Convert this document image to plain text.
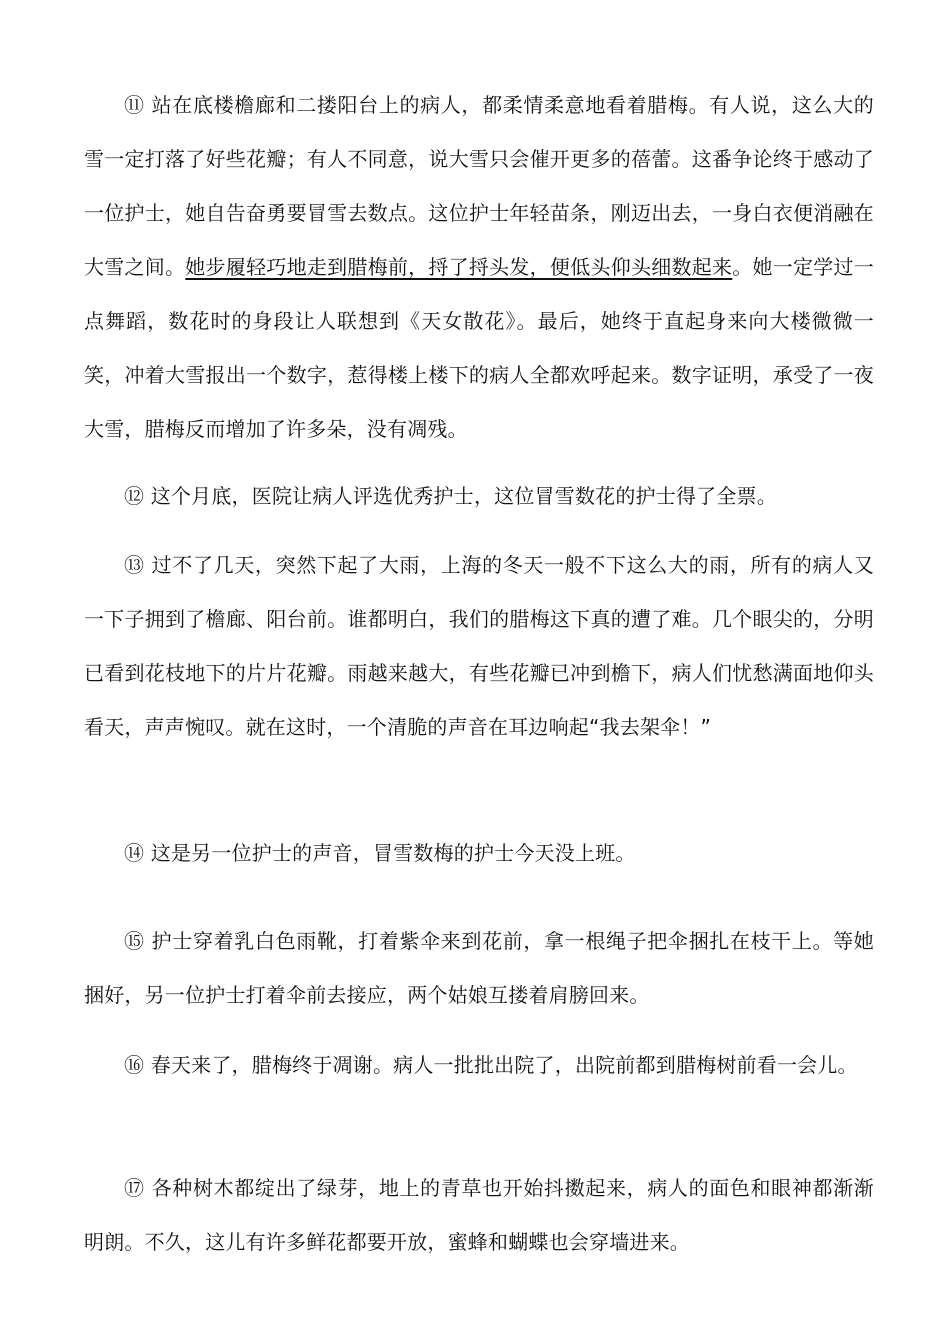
⑪ 站在底楼檐廊和二搂阳台上的病人，都柔情柔意地看着腊梅。有人说，这么大的雪一定打落了好些花瓣；有人不同意，说大雪只会催开更多的蓓蕾。这番争论终于感动了一位护士，她自告奋勇要冒雪去数点。这位护士年轻苗条，刚迈出去，一身白衣便消融在大雪之间。她步履轻巧地走到腊梅前，捋了捋头发，便低头仰头细数起来。她一定学过一点舞蹈，数花时的身段让人联想到《天女散花》。最后，她终于直起身来向大楼微微一笑，冲着大雪报出一个数字，惹得楼上楼下的病人全都欢呼起来。数字证明，承受了一夜大雪，腊梅反而增加了许多朵，没有凋残。

⑫ 这个月底，医院让病人评选优秀护士，这位冒雪数花的护士得了全票。

⑬ 过不了几天，突然下起了大雨，上海的冬天一般不下这么大的雨，所有的病人又一下子拥到了檐廊、阳台前。谁都明白，我们的腊梅这下真的遭了难。几个眼尖的，分明已看到花枝地下的片片花瓣。雨越来越大，有些花瓣已冲到檐下，病人们忧愁满面地仰头看天，声声惋叹。就在这时，一个清脆的声音在耳边响起“我去架伞！”

⑭ 这是另一位护士的声音，冒雪数梅的护士今天没上班。

⑮ 护士穿着乳白色雨靴，打着紫伞来到花前，拿一根绳子把伞捆扎在枝干上。等她捆好，另一位护士打着伞前去接应，两个姑娘互搂着肩膀回来。

⑯ 春天来了，腊梅终于凋谢。病人一批批出院了，出院前都到腊梅树前看一会儿。

⑰ 各种树木都绽出了绿芽，地上的青草也开始抖擞起来，病人的面色和眼神都渐渐明朗。不久，这儿有许多鲜花都要开放，蜜蜂和蝴蝶也会穿墙进来。
